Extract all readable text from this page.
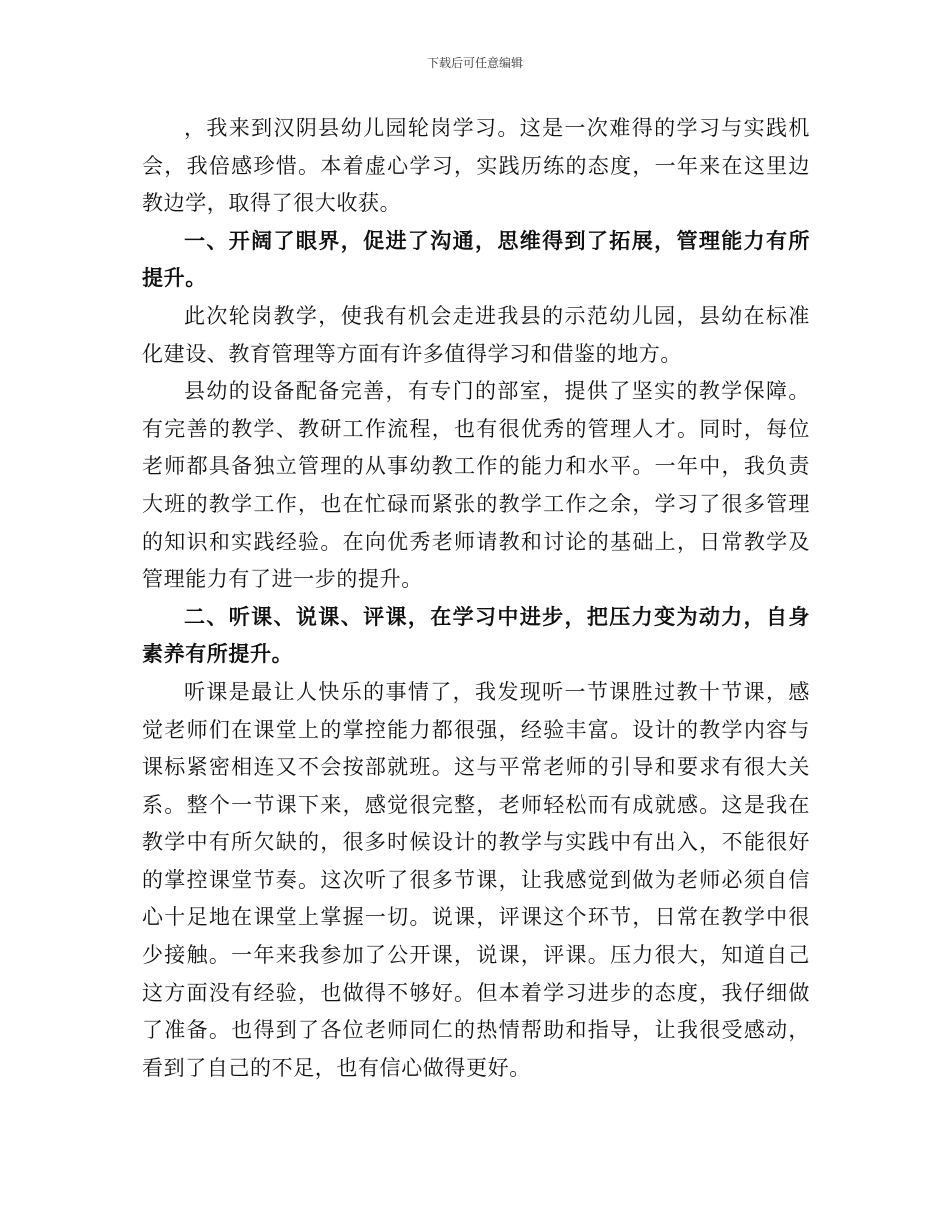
下载后可任意编辑

，我来到汉阴县幼儿园轮岗学习。这是一次难得的学习与实践机会，我倍感珍惜。本着虚心学习，实践历练的态度，一年来在这里边教边学，取得了很大收获。

一、开阔了眼界，促进了沟通，思维得到了拓展，管理能力有所提升。

此次轮岗教学，使我有机会走进我县的示范幼儿园，县幼在标准化建设、教育管理等方面有许多值得学习和借鉴的地方。

县幼的设备配备完善，有专门的部室，提供了坚实的教学保障。有完善的教学、教研工作流程，也有很优秀的管理人才。同时，每位老师都具备独立管理的从事幼教工作的能力和水平。一年中，我负责大班的教学工作，也在忙碌而紧张的教学工作之余，学习了很多管理的知识和实践经验。在向优秀老师请教和讨论的基础上，日常教学及管理能力有了进一步的提升。

二、听课、说课、评课，在学习中进步，把压力变为动力，自身素养有所提升。

听课是最让人快乐的事情了，我发现听一节课胜过教十节课，感觉老师们在课堂上的掌控能力都很强，经验丰富。设计的教学内容与课标紧密相连又不会按部就班。这与平常老师的引导和要求有很大关系。整个一节课下来，感觉很完整，老师轻松而有成就感。这是我在教学中有所欠缺的，很多时候设计的教学与实践中有出入，不能很好的掌控课堂节奏。这次听了很多节课，让我感觉到做为老师必须自信心十足地在课堂上掌握一切。说课，评课这个环节，日常在教学中很少接触。一年来我参加了公开课，说课，评课。压力很大，知道自己这方面没有经验，也做得不够好。但本着学习进步的态度，我仔细做了准备。也得到了各位老师同仁的热情帮助和指导，让我很受感动，看到了自己的不足，也有信心做得更好。
